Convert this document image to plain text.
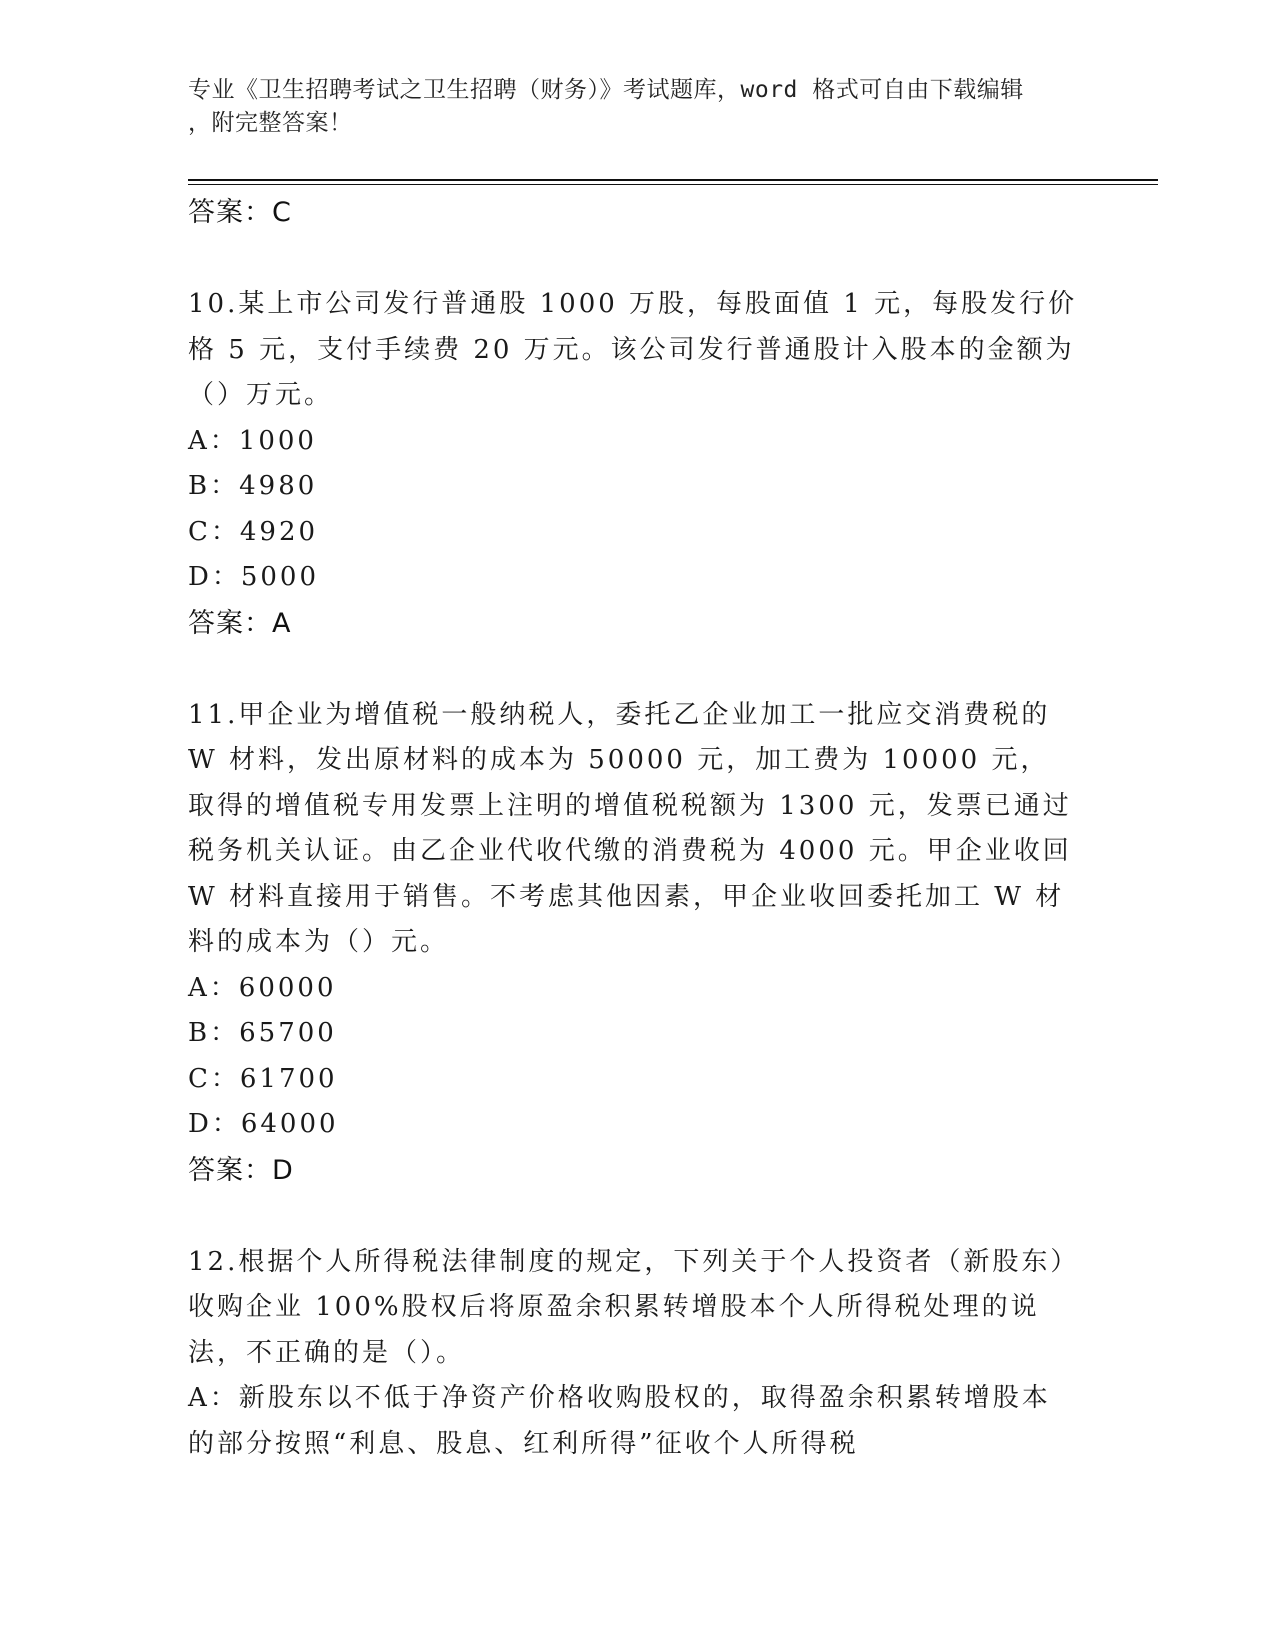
专业《卫生招聘考试之卫生招聘（财务）》考试题库，word 格式可自由下载编辑
，附完整答案！
答案：C
10.某上市公司发行普通股 1000 万股，每股面值 1 元，每股发行价格 5 元，支付手续费 20 万元。该公司发行普通股计入股本的金额为（）万元。
A：1000
B：4980
C：4920
D：5000
答案：A
11.甲企业为增值税一般纳税人，委托乙企业加工一批应交消费税的 W 材料，发出原材料的成本为 50000 元，加工费为 10000 元，取得的增值税专用发票上注明的增值税税额为 1300 元，发票已通过税务机关认证。由乙企业代收代缴的消费税为 4000 元。甲企业收回 W 材料直接用于销售。不考虑其他因素，甲企业收回委托加工 W 材料的成本为（）元。
A：60000
B：65700
C：61700
D：64000
答案：D
12.根据个人所得税法律制度的规定，下列关于个人投资者（新股东）收购企业 100%股权后将原盈余积累转增股本个人所得税处理的说法，不正确的是（）。
A：新股东以不低于净资产价格收购股权的，取得盈余积累转增股本的部分按照“利息、股息、红利所得”征收个人所得税
